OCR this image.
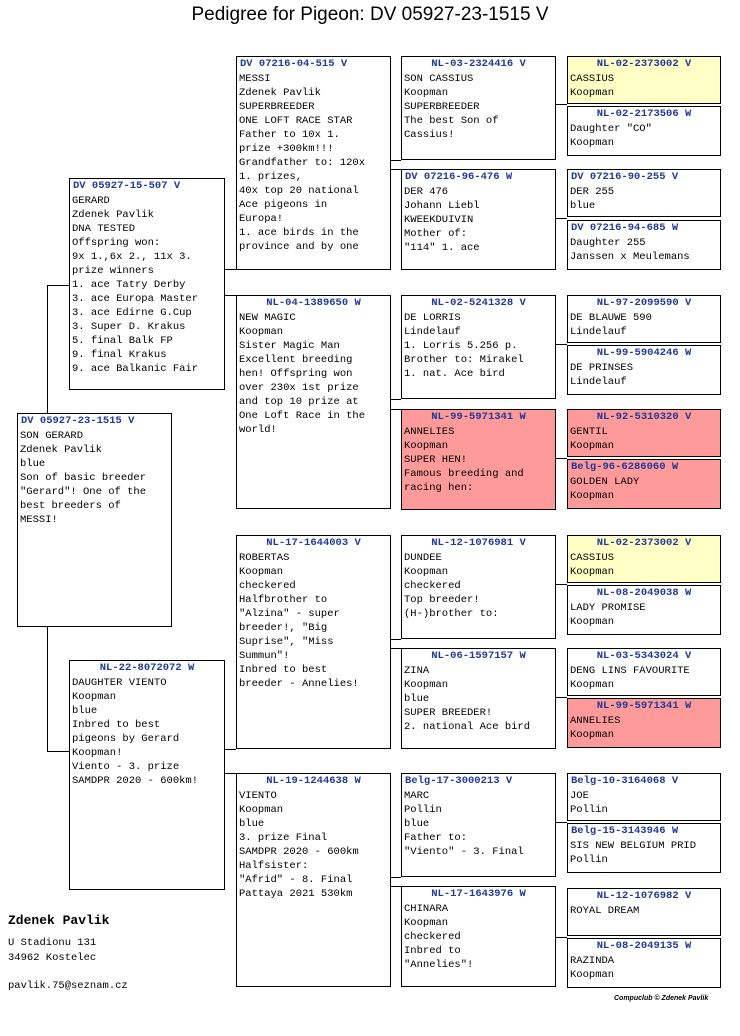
Pedigree for Pigeon: DV 05927-23-1515 V
DV 05927-23-1515 V
SON GERARD
Zdenek Pavlik
blue
Son of basic breeder
"Gerard"! One of the
best breeders of
MESSI!
DV 05927-15-507 V
GERARD
Zdenek Pavlik
DNA TESTED
Offspring won:
9x 1.,6x 2., 11x 3.
prize winners
1. ace Tatry Derby
3. ace Europa Master
3. ace Edirne G.Cup
3. Super D. Krakus
5. final Balk FP
9. final Krakus
9. ace Balkanic Fair
NL-22-8072072 W
DAUGHTER VIENTO
Koopman
blue
Inbred to best
pigeons by Gerard
Koopman!
Viento - 3. prize
SAMDPR 2020 - 600km!
DV 07216-04-515 V
MESSI
Zdenek Pavlik
SUPERBREEDER
ONE LOFT RACE STAR
Father to 10x 1.
prize +300km!!!
Grandfather to: 120x
1. prizes,
40x top 20 national
Ace pigeons in
Europa!
1. ace birds in the
province and by one
NL-04-1389650 W
NEW MAGIC
Koopman
Sister Magic Man
Excellent breeding
hen! Offspring won
over 230x 1st prize
and top 10 prize at
One Loft Race in the
world!
NL-17-1644003 V
ROBERTAS
Koopman
checkered
Halfbrother to
"Alzina" - super
breeder!, "Big
Suprise", "Miss
Summun"!
Inbred to best
breeder - Annelies!
NL-19-1244638 W
VIENTO
Koopman
blue
3. prize Final
SAMDPR 2020 - 600km
Halfsister:
"Afrid" - 8. Final
Pattaya 2021 530km
NL-03-2324416 V
SON CASSIUS
Koopman
SUPERBREEDER
The best Son of
Cassius!
DV 07216-96-476 W
DER 476
Johann Liebl
KWEEKDUIVIN
Mother of:
"114" 1. ace
NL-02-5241328 V
DE LORRIS
Lindelauf
1. Lorris 5.256 p.
Brother to: Mirakel
1. nat. Ace bird
NL-99-5971341 W
ANNELIES
Koopman
SUPER HEN!
Famous breeding and
racing hen:
NL-12-1076981 V
DUNDEE
Koopman
checkered
Top breeder!
(H-)brother to:
NL-06-1597157 W
ZINA
Koopman
blue
SUPER BREEDER!
2. national Ace bird
Belg-17-3000213 V
MARC
Pollin
blue
Father to:
"Viento" - 3. Final
NL-17-1643976 W
CHINARA
Koopman
checkered
Inbred to
"Annelies"!
NL-02-2373002 V
CASSIUS
Koopman
NL-02-2173506 W
Daughter "CO"
Koopman
DV 07216-90-255 V
DER 255
blue
DV 07216-94-685 W
Daughter 255
Janssen x Meulemans
NL-97-2099590 V
DE BLAUWE 590
Lindelauf
NL-99-5904246 W
DE PRINSES
Lindelauf
NL-92-5310320 V
GENTIL
Koopman
Belg-96-6286060 W
GOLDEN LADY
Koopman
NL-02-2373002 V
CASSIUS
Koopman
NL-08-2049038 W
LADY PROMISE
Koopman
NL-03-5343024 V
DENG LINS FAVOURITE
Koopman
NL-99-5971341 W
ANNELIES
Koopman
Belg-10-3164068 V
JOE
Pollin
Belg-15-3143946 W
SIS NEW BELGIUM PRID
Pollin
NL-12-1076982 V
ROYAL DREAM
NL-08-2049135 W
RAZINDA
Koopman
Zdenek Pavlik
U Stadionu 131
34962 Kostelec
pavlik.75@seznam.cz
Compuclub © Zdenek Pavlik
